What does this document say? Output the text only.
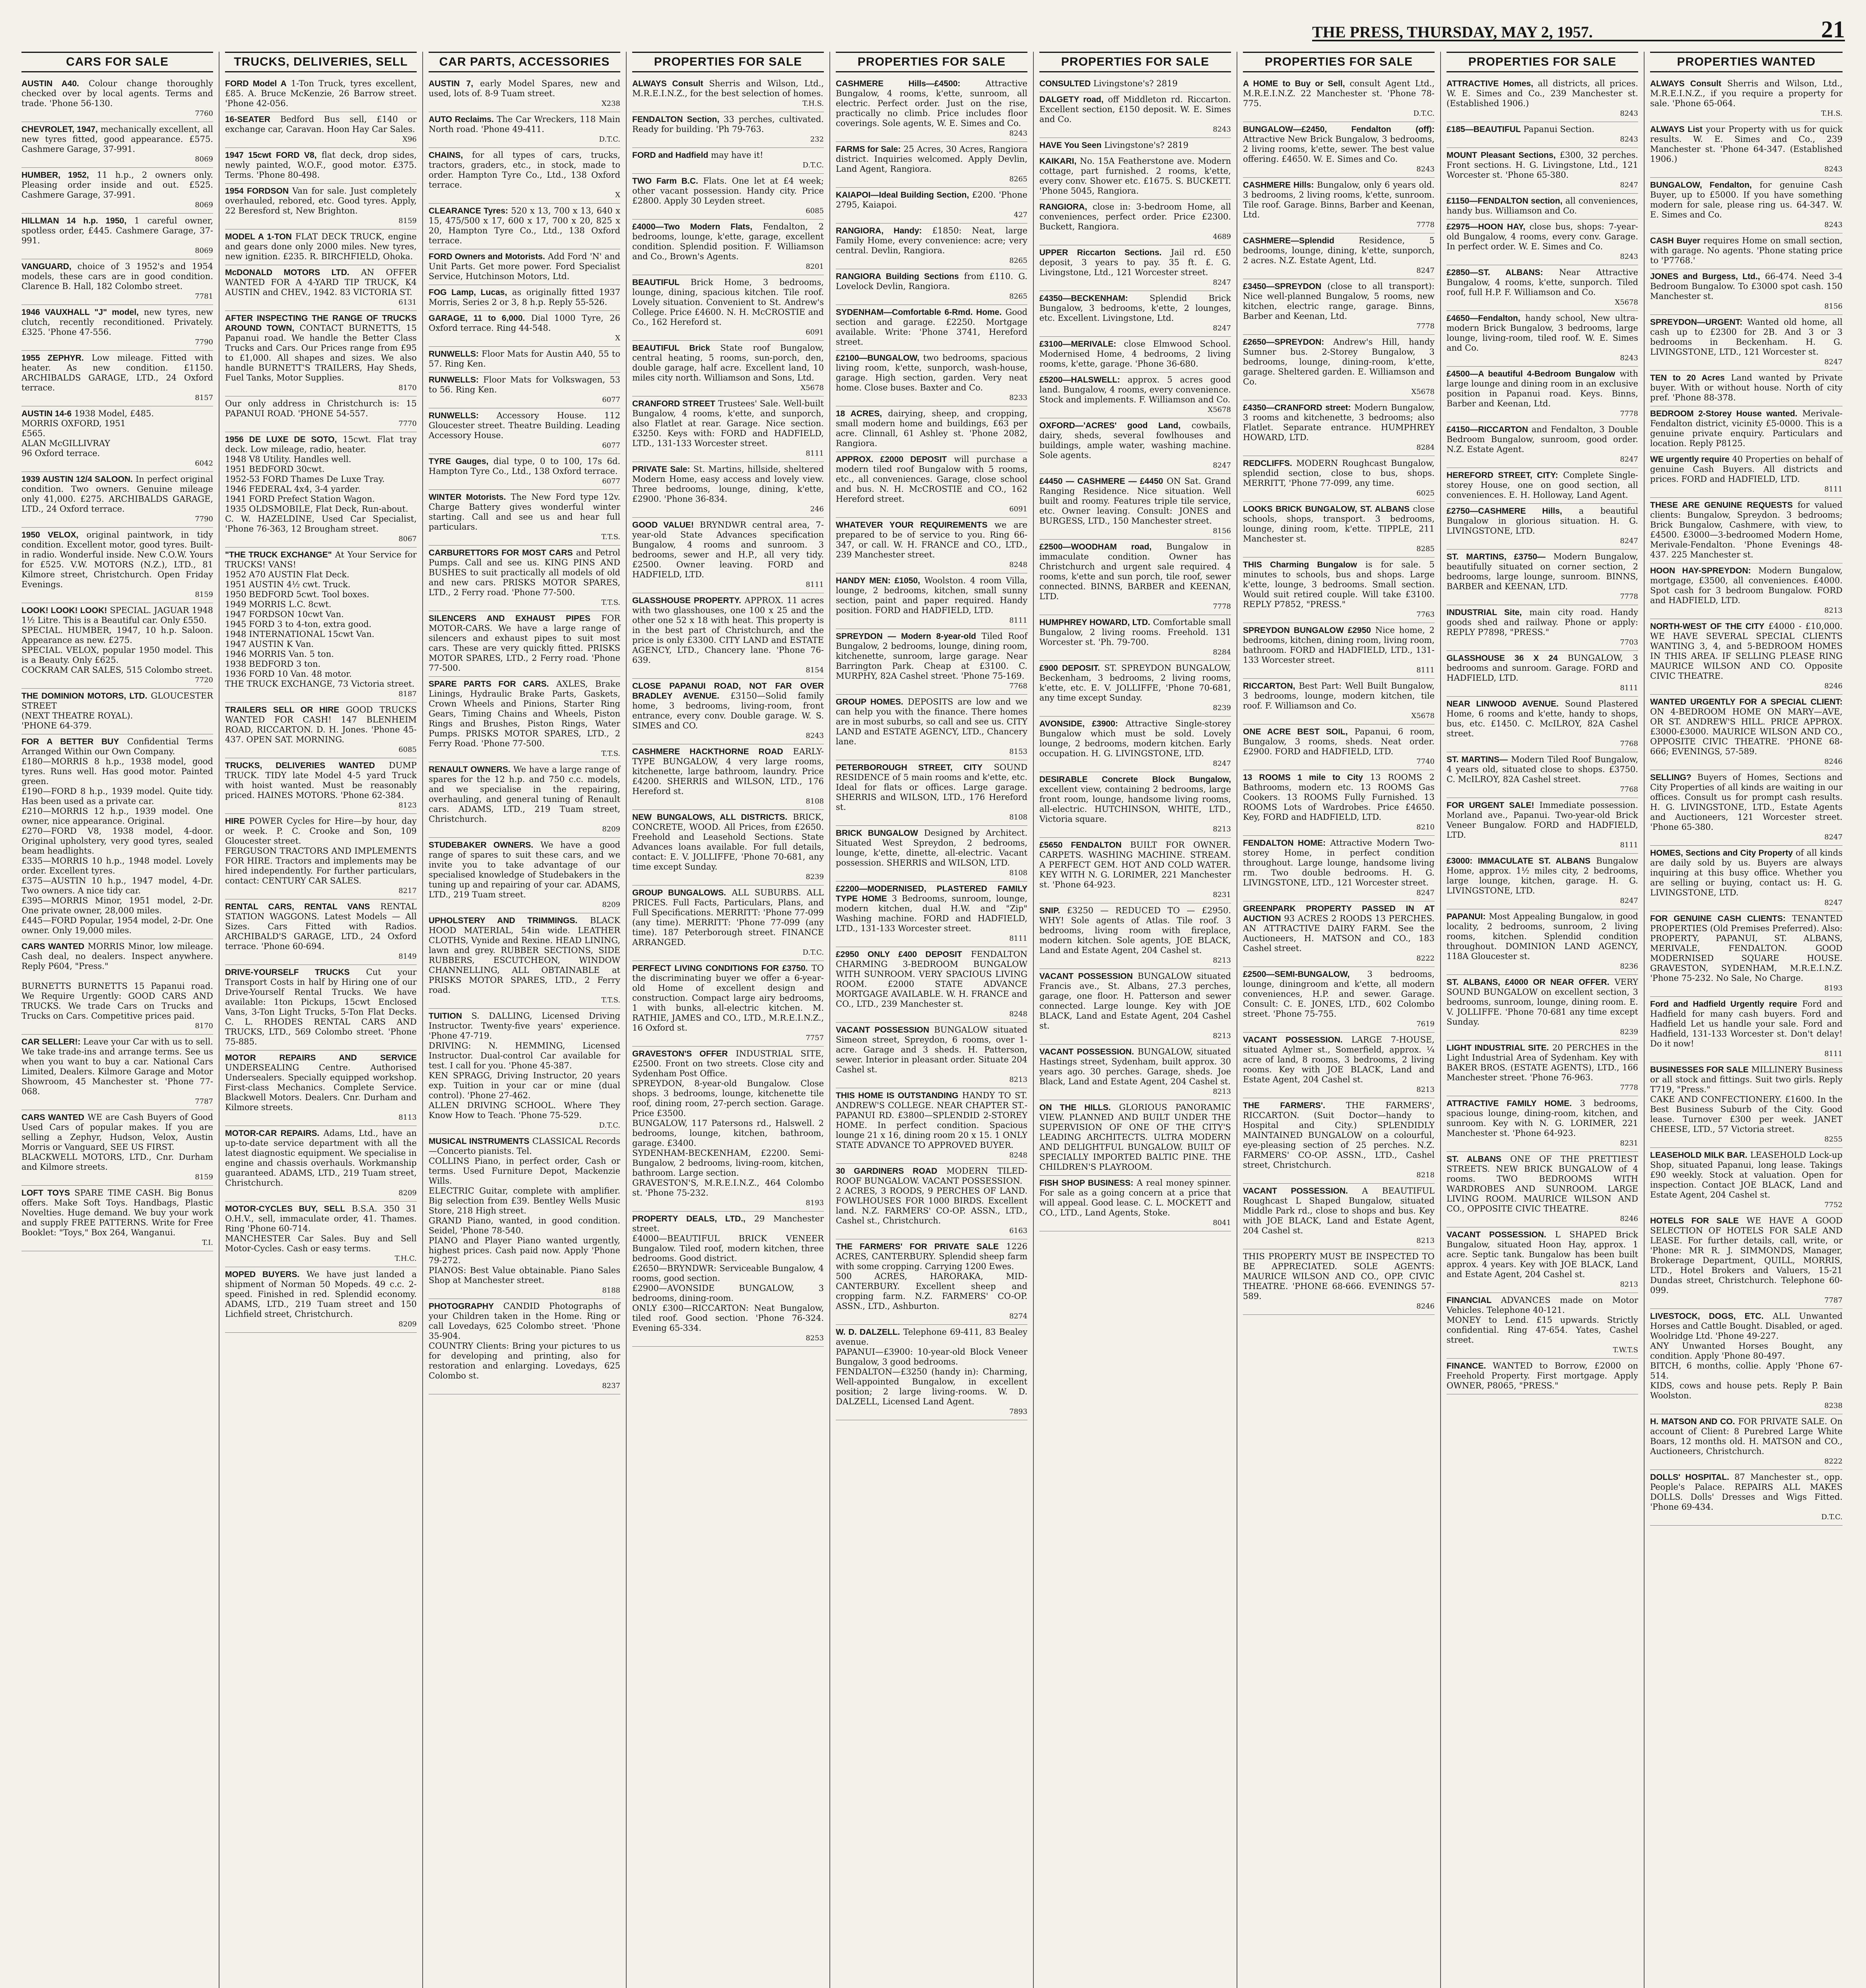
THE PRESS, THURSDAY, MAY 2, 1957.	21
CARS FOR SALE
AUSTIN A40. Colour change thoroughly checked over by local agents. Terms and trade. 'Phone 56-130.
7760
CHEVROLET, 1947, mechanically excellent, all new tyres fitted, good appearance. £575. Cashmere Garage, 37-991.
8069
HUMBER, 1952, 11 h.p., 2 owners only. Pleasing order inside and out. £525. Cashmere Garage, 37-991.
8069
HILLMAN 14 h.p. 1950, 1 careful owner, spotless order, £445. Cashmere Garage, 37-991.
8069
VANGUARD, choice of 3 1952's and 1954 models, these cars are in good condition. Clarence B. Hall, 182 Colombo street.
7781
1946 VAUXHALL "J" model, new tyres, new clutch, recently reconditioned. Privately. £325. 'Phone 47-556.
7790
1955 ZEPHYR. Low mileage. Fitted with heater. As new condition. £1150. ARCHIBALDS GARAGE, LTD., 24 Oxford terrace.
8157
AUSTIN 14-6 1938 Model, £485.
MORRIS OXFORD, 1951
£565.
ALAN McGILLIVRAY
96 Oxford terrace.
6042
1939 AUSTIN 12/4 SALOON. In perfect original condition. Two owners. Genuine mileage only 41,000. £275. ARCHIBALDS GARAGE, LTD., 24 Oxford terrace.
7790
1950 VELOX, original paintwork, in tidy condition. Excellent motor, good tyres. Built-in radio. Wonderful inside. New C.O.W. Yours for £525. V.W. MOTORS (N.Z.), LTD., 81 Kilmore street, Christchurch. Open Friday Evenings.
8159
LOOK! LOOK! LOOK! SPECIAL. JAGUAR 1948 1½ Litre. This is a Beautiful car. Only £550.
SPECIAL. HUMBER, 1947, 10 h.p. Saloon. Appearance as new. £275.
SPECIAL. VELOX, popular 1950 model. This is a Beauty. Only £625.
COCKRAM CAR SALES, 515 Colombo street.
7720
THE DOMINION MOTORS, LTD. GLOUCESTER STREET
(NEXT THEATRE ROYAL).
'PHONE 64-379.
FOR A BETTER BUY Confidential Terms Arranged Within our Own Company.
£180—MORRIS 8 h.p., 1938 model, good tyres. Runs well. Has good motor. Painted green.
£190—FORD 8 h.p., 1939 model. Quite tidy. Has been used as a private car.
£210—MORRIS 12 h.p., 1939 model. One owner, nice appearance. Original.
£270—FORD V8, 1938 model, 4-door. Original upholstery, very good tyres, sealed beam headlights.
£335—MORRIS 10 h.p., 1948 model. Lovely order. Excellent tyres.
£375—AUSTIN 10 h.p., 1947 model, 4-Dr. Two owners. A nice tidy car.
£395—MORRIS Minor, 1951 model, 2-Dr. One private owner, 28,000 miles.
£445—FORD Popular, 1954 model, 2-Dr. One owner. Only 19,000 miles.
CARS WANTED MORRIS Minor, low mileage. Cash deal, no dealers. Inspect anywhere. Reply P604, "Press."

BURNETTS BURNETTS 15 Papanui road. We Require Urgently: GOOD CARS AND TRUCKS. We trade Cars on Trucks and Trucks on Cars. Competitive prices paid.
8170
CAR SELLER!: Leave your Car with us to sell. We take trade-ins and arrange terms. See us when you want to buy a car. National Cars Limited, Dealers. Kilmore Garage and Motor Showroom, 45 Manchester st. 'Phone 77-068.
7787
CARS WANTED WE are Cash Buyers of Good Used Cars of popular makes. If you are selling a Zephyr, Hudson, Velox, Austin Morris or Vanguard, SEE US FIRST.
BLACKWELL MOTORS, LTD., Cnr. Durham and Kilmore streets.
8159
LOFT TOYS SPARE TIME CASH. Big Bonus offers. Make Soft Toys. Handbags, Plastic Novelties. Huge demand. We buy your work and supply FREE PATTERNS. Write for Free Booklet: "Toys," Box 264, Wanganui.
T.I.
TRUCKS, DELIVERIES, SELL
FORD Model A 1-Ton Truck, tyres excellent, £85. A. Bruce McKenzie, 26 Barrow street. 'Phone 42-056.
16-SEATER Bedford Bus sell, £140 or exchange car, Caravan. Hoon Hay Car Sales.
X96
1947 15cwt FORD V8, flat deck, drop sides, newly painted, W.O.F., good motor. £375. Terms. 'Phone 80-498.
1954 FORDSON Van for sale. Just completely overhauled, rebored, etc. Good tyres. Apply, 22 Beresford st, New Brighton.
8159
MODEL A 1-TON FLAT DECK TRUCK, engine and gears done only 2000 miles. New tyres, new ignition. £235. R. BIRCHFIELD, Ohoka.
McDONALD MOTORS LTD. AN OFFER WANTED FOR A 4-YARD TIP TRUCK, K4 AUSTIN and CHEV., 1942. 83 VICTORIA ST.
6131
AFTER INSPECTING THE RANGE OF TRUCKS AROUND TOWN, CONTACT BURNETTS, 15 Papanui road. We handle the Better Class Trucks and Cars. Our Prices range from £95 to £1,000. All shapes and sizes. We also handle BURNETT'S TRAILERS, Hay Sheds, Fuel Tanks, Motor Supplies.
8170
Our only address in Christchurch is: 15 PAPANUI ROAD. 'PHONE 54-557.
7770
1956 DE LUXE DE SOTO, 15cwt. Flat tray deck. Low mileage, radio, heater.
1948 V8 Utility. Handles well.
1951 BEDFORD 30cwt.
1952-53 FORD Thames De Luxe Tray.
1946 FEDERAL 4x4, 3-4 yarder.
1941 FORD Prefect Station Wagon.
1935 OLDSMOBILE, Flat Deck, Run-about.
C. W. HAZELDINE, Used Car Specialist, 'Phone 76-363, 12 Brougham street.
8067
"THE TRUCK EXCHANGE" At Your Service for TRUCKS! VANS!
1952 A70 AUSTIN Flat Deck.
1951 AUSTIN 4½ cwt. Truck.
1950 BEDFORD 5cwt. Tool boxes.
1949 MORRIS L.C. 8cwt.
1947 FORDSON 10cwt Van.
1945 FORD 3 to 4-ton, extra good.
1948 INTERNATIONAL 15cwt Van.
1947 AUSTIN K Van.
1946 MORRIS Van. 5 ton.
1938 BEDFORD 3 ton.
1936 FORD 10 Van. 48 motor.
THE TRUCK EXCHANGE, 73 Victoria street.
8187
TRAILERS SELL OR HIRE GOOD TRUCKS WANTED FOR CASH! 147 BLENHEIM ROAD, RICCARTON. D. H. Jones. 'Phone 45-437. OPEN SAT. MORNING.
6085
TRUCKS, DELIVERIES WANTED DUMP TRUCK. TIDY late Model 4-5 yard Truck with hoist wanted. Must be reasonably priced. HAINES MOTORS. 'Phone 62-384.
8123
HIRE POWER Cycles for Hire—by hour, day or week. P. C. Crooke and Son, 109 Gloucester street.
FERGUSON TRACTORS AND IMPLEMENTS FOR HIRE. Tractors and implements may be hired independently. For further particulars, contact: CENTURY CAR SALES.
8217
RENTAL CARS, RENTAL VANS RENTAL STATION WAGGONS. Latest Models — All Sizes. Cars Fitted with Radios. ARCHIBALD'S GARAGE, LTD., 24 Oxford terrace. 'Phone 60-694.
8149
DRIVE-YOURSELF TRUCKS Cut your Transport Costs in half by Hiring one of our Drive-Yourself Rental Trucks. We have available: 1ton Pickups, 15cwt Enclosed Vans, 3-Ton Light Trucks, 5-Ton Flat Decks. C. L. RHODES RENTAL CARS AND TRUCKS, LTD., 569 Colombo street. 'Phone 75-885.
MOTOR REPAIRS AND SERVICE UNDERSEALING Centre. Authorised Undersealers. Specially equipped workshop. First-class Mechanics. Complete Service. Blackwell Motors. Dealers. Cnr. Durham and Kilmore streets.
8113
MOTOR-CAR REPAIRS. Adams, Ltd., have an up-to-date service department with all the latest diagnostic equipment. We specialise in engine and chassis overhauls. Workmanship guaranteed. ADAMS, LTD., 219 Tuam street, Christchurch.
8209
MOTOR-CYCLES BUY, SELL B.S.A. 350 31 O.H.V., sell, immaculate order, 41. Thames. Ring 'Phone 60-714.
MANCHESTER Car Sales. Buy and Sell Motor-Cycles. Cash or easy terms.
T.H.C.
MOPED BUYERS. We have just landed a shipment of Norman 50 Mopeds. 49 c.c. 2-speed. Finished in red. Splendid economy. ADAMS, LTD., 219 Tuam street and 150 Lichfield street, Christchurch.
8209
CAR PARTS, ACCESSORIES
AUSTIN 7, early Model Spares, new and used, lots of. 8-9 Tuam street.
X238
AUTO Reclaims. The Car Wreckers, 118 Main North road. 'Phone 49-411.
D.T.C.
CHAINS, for all types of cars, trucks, tractors, graders, etc., in stock, made to order. Hampton Tyre Co., Ltd., 138 Oxford terrace.
X
CLEARANCE Tyres: 520 x 13, 700 x 13, 640 x 15, 475/500 x 17, 600 x 17, 700 x 20, 825 x 20, Hampton Tyre Co., Ltd., 138 Oxford terrace.
FORD Owners and Motorists. Add Ford 'N' and Unit Parts. Get more power. Ford Specialist Service, Hutchinson Motors, Ltd.
FOG Lamp, Lucas, as originally fitted 1937 Morris, Series 2 or 3, 8 h.p. Reply 55-526.
GARAGE, 11 to 6,000. Dial 1000 Tyre, 26 Oxford terrace. Ring 44-548.
X
RUNWELLS: Floor Mats for Austin A40, 55 to 57. Ring Ken.
RUNWELLS: Floor Mats for Volkswagen, 53 to 56. Ring Ken.
6077
RUNWELLS: Accessory House. 112 Gloucester street. Theatre Building. Leading Accessory House.
6077
TYRE Gauges, dial type, 0 to 100, 17s 6d. Hampton Tyre Co., Ltd., 138 Oxford terrace.
6077
WINTER Motorists. The New Ford type 12v. Charge Battery gives wonderful winter starting. Call and see us and hear full particulars.
T.T.S.
CARBURETTORS FOR MOST CARS and Petrol Pumps. Call and see us. KING PINS AND BUSHES to suit practically all models of old and new cars. PRISKS MOTOR SPARES, LTD., 2 Ferry road. 'Phone 77-500.
T.T.S.
SILENCERS AND EXHAUST PIPES FOR MOTOR-CARS. We have a large range of silencers and exhaust pipes to suit most cars. These are very quickly fitted. PRISKS MOTOR SPARES, LTD., 2 Ferry road. 'Phone 77-500.
SPARE PARTS FOR CARS. AXLES, Brake Linings, Hydraulic Brake Parts, Gaskets, Crown Wheels and Pinions, Starter Ring Gears, Timing Chains and Wheels, Piston Rings and Brushes, Piston Rings, Water Pumps. PRISKS MOTOR SPARES, LTD., 2 Ferry Road. 'Phone 77-500.
T.T.S.
RENAULT OWNERS. We have a large range of spares for the 12 h.p. and 750 c.c. models, and we specialise in the repairing, overhauling, and general tuning of Renault cars. ADAMS, LTD., 219 Tuam street, Christchurch.
8209
STUDEBAKER OWNERS. We have a good range of spares to suit these cars, and we invite you to take advantage of our specialised knowledge of Studebakers in the tuning up and repairing of your car. ADAMS, LTD., 219 Tuam street.
8209
UPHOLSTERY AND TRIMMINGS. BLACK HOOD MATERIAL, 54in wide. LEATHER CLOTHS, Vynide and Rexine. HEAD LINING, lawn and grey. RUBBER SECTIONS, SIDE RUBBERS, ESCUTCHEON, WINDOW CHANNELLING, ALL OBTAINABLE at PRISKS MOTOR SPARES, LTD., 2 Ferry road.
T.T.S.
TUITION S. DALLING, Licensed Driving Instructor. Twenty-five years' experience. 'Phone 47-719.
DRIVING: N. HEMMING, Licensed Instructor. Dual-control Car available for test. I call for you. 'Phone 45-387.
KEN SPRAGG, Driving Instructor, 20 years exp. Tuition in your car or mine (dual control). 'Phone 27-462.
ALLEN DRIVING SCHOOL. Where They Know How to Teach. 'Phone 75-529.
D.T.C.
MUSICAL INSTRUMENTS CLASSICAL Records—Concerto pianists. Tel.
COLLINS Piano, in perfect order, Cash or terms. Used Furniture Depot, Mackenzie Wills.
ELECTRIC Guitar, complete with amplifier. Big selection from £39. Bentley Wells Music Store, 218 High street.
GRAND Piano, wanted, in good condition. Seidel, 'Phone 78-540.
PIANO and Player Piano wanted urgently, highest prices. Cash paid now. Apply 'Phone 79-272.
PIANOS: Best Value obtainable. Piano Sales Shop at Manchester street.
8188
PHOTOGRAPHY CANDID Photographs of your Children taken in the Home. Ring or call Lovedays, 625 Colombo street. 'Phone 35-904.
COUNTRY Clients: Bring your pictures to us for developing and printing, also for restoration and enlarging. Lovedays, 625 Colombo st.
8237
PROPERTIES FOR SALE
ALWAYS Consult Sherris and Wilson, Ltd., M.R.E.I.N.Z., for the best selection of homes.
T.H.S.
FENDALTON Section, 33 perches, cultivated. Ready for building. 'Ph 79-763.
232
FORD and Hadfield may have it!
D.T.C.
TWO Farm B.C. Flats. One let at £4 week; other vacant possession. Handy city. Price £2800. Apply 30 Leyden street.
6085
£4000—Two Modern Flats, Fendalton, 2 bedrooms, lounge, k'ette, garage, excellent condition. Splendid position. F. Williamson and Co., Brown's Agents.
8201
BEAUTIFUL Brick Home, 3 bedrooms, lounge, dining, spacious kitchen. Tile roof. Lovely situation. Convenient to St. Andrew's College. Price £4600. N. H. McCROSTIE and Co., 162 Hereford st.
6091
BEAUTIFUL Brick State roof Bungalow, central heating, 5 rooms, sun-porch, den, double garage, half acre. Excellent land, 10 miles city north. Williamson and Sons, Ltd.
X5678
CRANFORD STREET Trustees' Sale. Well-built Bungalow, 4 rooms, k'ette, and sunporch, also Flatlet at rear. Garage. Nice section. £3250. Keys with: FORD and HADFIELD, LTD., 131-133 Worcester street.
8111
PRIVATE Sale: St. Martins, hillside, sheltered Modern Home, easy access and lovely view. Three bedrooms, lounge, dining, k'ette, £2900. 'Phone 36-834.
246
GOOD VALUE! BRYNDWR central area, 7-year-old State Advances specification Bungalow, 4 rooms and sunroom. 3 bedrooms, sewer and H.P., all very tidy. £2500. Owner leaving. FORD and HADFIELD, LTD.
8111
GLASSHOUSE PROPERTY. APPROX. 11 acres with two glasshouses, one 100 x 25 and the other one 52 x 18 with heat. This property is in the best part of Christchurch, and the price is only £3300. CITY LAND and ESTATE AGENCY, LTD., Chancery lane. 'Phone 76-639.
8154
CLOSE PAPANUI ROAD, NOT FAR OVER BRADLEY AVENUE. £3150—Solid family home, 3 bedrooms, living-room, front entrance, every conv. Double garage. W. S. SIMES and CO.
8243
CASHMERE HACKTHORNE ROAD EARLY-TYPE BUNGALOW, 4 very large rooms, kitchenette, large bathroom, laundry. Price £4200. SHERRIS and WILSON, LTD., 176 Hereford st.
8108
NEW BUNGALOWS, ALL DISTRICTS. BRICK, CONCRETE, WOOD. All Prices, from £2650. Freehold and Leasehold Sections. State Advances loans available. For full details, contact: E. V. JOLLIFFE, 'Phone 70-681, any time except Sunday.
8239
GROUP BUNGALOWS. ALL SUBURBS. ALL PRICES. Full Facts, Particulars, Plans, and Full Specifications. MERRITT: 'Phone 77-099 (any time). MERRITT: 'Phone 77-099 (any time). 187 Peterborough street. FINANCE ARRANGED.
D.T.C.
PERFECT LIVING CONDITIONS FOR £3750. TO the discriminating buyer we offer a 6-year-old Home of excellent design and construction. Compact large airy bedrooms, 1 with bunks, all-electric kitchen. M. RATHIE, JAMES and CO., LTD., M.R.E.I.N.Z., 16 Oxford st.
7757
GRAVESTON'S OFFER INDUSTRIAL SITE, £2500. Front on two streets. Close city and Sydenham Post Office.
SPREYDON, 8-year-old Bungalow. Close shops. 3 bedrooms, lounge, kitchenette tile roof, dining room, 27-perch section. Garage. Price £3500.
BUNGALOW, 117 Patersons rd., Halswell. 2 bedrooms, lounge, kitchen, bathroom, garage. £3400.
SYDENHAM-BECKENHAM, £2200. Semi-Bungalow, 2 bedrooms, living-room, kitchen, bathroom. Large section.
GRAVESTON'S, M.R.E.I.N.Z., 464 Colombo st. 'Phone 75-232.
8193
PROPERTY DEALS, LTD., 29 Manchester street.
£4000—BEAUTIFUL BRICK VENEER Bungalow. Tiled roof, modern kitchen, three bedrooms. Good district.
£2650—BRYNDWR: Serviceable Bungalow, 4 rooms, good section.
£2900—AVONSIDE BUNGALOW, 3 bedrooms, dining-room.
ONLY £300—RICCARTON: Neat Bungalow, tiled roof. Good section. 'Phone 76-324. Evening 65-334.
8253
PROPERTIES FOR SALE
CASHMERE Hills—£4500:	Attractive Bungalow, 4 rooms, k'ette, sunroom, all electric. Perfect order. Just on the rise, practically no climb. Price includes floor coverings. Sole agents, W. E. Simes and Co.
8243
FARMS for Sale: 25 Acres, 30 Acres, Rangiora district. Inquiries welcomed. Apply Devlin, Land Agent, Rangiora.
8265
KAIAPOI—Ideal Building Section, £200. 'Phone 2795, Kaiapoi.
427
RANGIORA, Handy: £1850: Neat, large Family Home, every convenience: acre; very central. Devlin, Rangiora.
8265
RANGIORA Building Sections from £110. G. Lovelock Devlin, Rangiora.
8265
SYDENHAM—Comfortable 6-Rmd. Home. Good section and garage. £2250. Mortgage available. Write: 'Phone 3741, Hereford street.
£2100—BUNGALOW, two bedrooms, spacious living room, k'ette, sunporch, wash-house, garage. High section, garden. Very neat home. Close buses. Baxter and Co.
8233
18 ACRES, dairying, sheep, and cropping, small modern home and buildings, £63 per acre. Clinnall, 61 Ashley st. 'Phone 2082, Rangiora.
APPROX. £2000 DEPOSIT will purchase a modern tiled roof Bungalow with 5 rooms, etc., all conveniences. Garage, close school and bus. N. H. McCROSTIE and CO., 162 Hereford street.
6091
WHATEVER YOUR REQUIREMENTS we are prepared to be of service to you. Ring 66-347, or call. W. H. FRANCE and CO., LTD., 239 Manchester street.
8248
HANDY MEN: £1050, Woolston. 4 room Villa, lounge, 2 bedrooms, kitchen, small sunny section, paint and paper required. Handy position. FORD and HADFIELD, LTD.
8111
SPREYDON — Modern 8-year-old Tiled Roof Bungalow, 2 bedrooms, lounge, dining room, kitchenette, sunroom, large garage. Near Barrington Park. Cheap at £3100. C. MURPHY, 82A Cashel street. 'Phone 75-169.
7768
GROUP HOMES. DEPOSITS are low and we can help you with the finance. There homes are in most suburbs, so call and see us. CITY LAND and ESTATE AGENCY, LTD., Chancery lane.
8153
PETERBOROUGH STREET, CITY SOUND RESIDENCE of 5 main rooms and k'ette, etc. Ideal for flats or offices. Large garage. SHERRIS and WILSON, LTD., 176 Hereford st.
8108
BRICK BUNGALOW Designed by Architect. Situated West Spreydon, 2 bedrooms, lounge, k'ette, dinette, all-electric. Vacant possession. SHERRIS and WILSON, LTD.
8108
£2200—MODERNISED, PLASTERED FAMILY TYPE HOME 3 Bedrooms, sunroom, lounge, modern kitchen, dual H.W. and "Zip" Washing machine. FORD and HADFIELD, LTD., 131-133 Worcester street.
8111
£2950 ONLY £400 DEPOSIT FENDALTON CHARMING 3-BEDROOM BUNGALOW WITH SUNROOM. VERY SPACIOUS LIVING ROOM. £2000 STATE ADVANCE MORTGAGE AVAILABLE. W. H. FRANCE and CO., LTD., 239 Manchester st.
8248
VACANT POSSESSION BUNGALOW situated Simeon street, Spreydon, 6 rooms, over 1-acre. Garage and 3 sheds. H. Patterson, sewer. Interior in pleasant order. Situate 204 Cashel st.
8213
THIS HOME IS OUTSTANDING HANDY TO ST. ANDREW'S COLLEGE. NEAR CHAPTER ST.-PAPANUI RD. £3800—SPLENDID 2-STOREY HOME. In perfect condition. Spacious lounge 21 x 16, dining room 20 x 15. 1 ONLY STATE ADVANCE TO APPROVED BUYER.
8248
30 GARDINERS ROAD MODERN TILED-ROOF BUNGALOW. VACANT POSSESSION.
2 ACRES, 3 ROODS, 9 PERCHES OF LAND. FOWLHOUSES FOR 1000 BIRDS. Excellent land. N.Z. FARMERS' CO-OP. ASSN., LTD., Cashel st., Christchurch.
6163
THE FARMERS' FOR PRIVATE SALE 1226 ACRES, CANTERBURY. Splendid sheep farm with some cropping. Carrying 1200 Ewes.
500 ACRES, HARORAKA, MID-CANTERBURY. Excellent sheep and cropping farm. N.Z. FARMERS' CO-OP. ASSN., LTD., Ashburton.
8274
W. D. DALZELL. Telephone 69-411, 83 Bealey avenue.
PAPANUI—£3900: 10-year-old Block Veneer Bungalow, 3 good bedrooms.
FENDALTON—£3250 (handy in): Charming, Well-appointed Bungalow, in excellent position; 2 large living-rooms. W. D. DALZELL, Licensed Land Agent.
7893
PROPERTIES FOR SALE
CONSULTED Livingstone's? 2819
DALGETY road, off Middleton rd. Riccarton. Excellent section, £150 deposit. W. E. Simes and Co.
8243
HAVE You Seen Livingstone's? 2819
KAIKARI, No. 15A Featherstone ave. Modern cottage, part furnished. 2 rooms, k'ette, every conv. Shower etc. £1675. S. BUCKETT. 'Phone 5045, Rangiora.
RANGIORA, close in: 3-bedroom Home, all conveniences, perfect order. Price £2300. Buckett, Rangiora.
4689
UPPER Riccarton Sections. Jail rd. £50 deposit, 3 years to pay. 35 ft. £. G. Livingstone, Ltd., 121 Worcester street.
8247
£4350—BECKENHAM:	Splendid Brick Bungalow, 3 bedrooms, k'ette, 2 lounges, etc. Excellent. Livingstone, Ltd.
8247
£3100—MERIVALE: close Elmwood School. Modernised Home, 4 bedrooms, 2 living rooms, k'ette, garage. 'Phone 36-680.
£5200—HALSWELL: approx. 5 acres good land. Bungalow, 4 rooms, every convenience. Stock and implements. F. Williamson and Co.
X5678
OXFORD—'ACRES' good Land, cowbails, dairy, sheds, several fowlhouses and buildings, ample water, washing machine. Sole agents.
8247
£4450 — CASHMERE — £4450 ON Sat. Grand Ranging Residence. Nice situation. Well built and roomy. Features triple tile service, etc. Owner leaving. Consult: JONES and BURGESS, LTD., 150 Manchester street.
8156
£2500—WOODHAM road, Bungalow in immaculate condition. Owner has Christchurch and urgent sale required. 4 rooms, k'ette and sun porch, tile roof, sewer connected. BINNS, BARBER and KEENAN, LTD.
7778
HUMPHREY HOWARD, LTD. Comfortable small Bungalow, 2 living rooms. Freehold. 131 Worcester st. 'Ph. 79-700.
8284
£900 DEPOSIT. ST. SPREYDON BUNGALOW, Beckenham, 3 bedrooms, 2 living rooms, k'ette, etc. E. V. JOLLIFFE, 'Phone 70-681, any time except Sunday.
8239
AVONSIDE, £3900: Attractive Single-storey Bungalow which must be sold. Lovely lounge, 2 bedrooms, modern kitchen. Early occupation. H. G. LIVINGSTONE, LTD.
8247
DESIRABLE Concrete Block Bungalow, excellent view, containing 2 bedrooms, large front room, lounge, handsome living rooms, all-electric. HUTCHINSON, WHITE, LTD., Victoria square.
8213
£5650 FENDALTON BUILT FOR OWNER. CARPETS. WASHING MACHINE. STREAM. A PERFECT GEM. HOT AND COLD WATER. KEY WITH N. G. LORIMER, 221 Manchester st. 'Phone 64-923.
8231
SNIP. £3250 — REDUCED TO — £2950. WHY! Sole agents of Atlas. Tile roof. 3 bedrooms, living room with fireplace, modern kitchen. Sole agents, JOE BLACK, Land and Estate Agent, 204 Cashel st.
8213
VACANT POSSESSION BUNGALOW situated Francis ave., St. Albans, 27.3 perches, garage, one floor. H. Patterson and sewer connected. Large lounge. Key with JOE BLACK, Land and Estate Agent, 204 Cashel st.
8213
VACANT POSSESSION. BUNGALOW, situated Hastings street, Sydenham, built approx. 30 years ago. 30 perches. Garage, sheds. Joe Black, Land and Estate Agent, 204 Cashel st.
8213
ON THE HILLS. GLORIOUS PANORAMIC VIEW. PLANNED AND BUILT UNDER THE SUPERVISION OF ONE OF THE CITY'S LEADING ARCHITECTS. ULTRA MODERN AND DELIGHTFUL BUNGALOW. BUILT OF SPECIALLY IMPORTED BALTIC PINE. THE CHILDREN'S PLAYROOM.
FISH SHOP BUSINESS: A real money spinner. For sale as a going concern at a price that will appeal. Good lease. C. L. MOCKETT and CO., LTD., Land Agents, Stoke.
8041
PROPERTIES FOR SALE
A HOME to Buy or Sell, consult Agent Ltd., M.R.E.I.N.Z. 22 Manchester st. 'Phone 78-775.
D.T.C.
BUNGALOW—£2450, Fendalton (off): Attractive New Brick Bungalow, 3 bedrooms, 2 living rooms, k'ette, sewer. The best value offering. £4650. W. E. Simes and Co.
8243
CASHMERE Hills: Bungalow, only 6 years old. 3 bedrooms, 2 living rooms, k'ette, sunroom. Tile roof. Garage. Binns, Barber and Keenan, Ltd.
7778
CASHMERE—Splendid	Residence, 5 bedrooms, lounge, dining, k'ette, sunporch, 2 acres. N.Z. Estate Agent, Ltd.
8247
£3450—SPREYDON (close to all transport): Nice well-planned Bungalow, 5 rooms, new kitchen, electric range, garage. Binns, Barber and Keenan, Ltd.
7778
£2650—SPREYDON: Andrew's Hill, handy Sumner bus. 2-Storey Bungalow, 3 bedrooms, lounge, dining-room, k'ette, garage. Sheltered garden. E. Williamson and Co.
X5678
£4350—CRANFORD street: Modern Bungalow, 3 rooms and kitchenette, 3 bedrooms; also Flatlet. Separate entrance. HUMPHREY HOWARD, LTD.
8284
REDCLIFFS. MODERN Roughcast Bungalow, splendid section, close to bus, shops. MERRITT, 'Phone 77-099, any time.
6025
LOOKS BRICK BUNGALOW, ST. ALBANS close schools, shops, transport. 3 bedrooms, lounge, dining room, k'ette. TIPPLE, 211 Manchester st.
8285
THIS Charming Bungalow is for sale. 5 minutes to schools, bus and shops. Large k'ette, lounge, 3 bedrooms. Small section. Would suit retired couple. Will take £3100. REPLY P7852, "PRESS."
7763
SPREYDON BUNGALOW £2950 Nice home, 2 bedrooms, kitchen, dining room, living room, bathroom. FORD and HADFIELD, LTD., 131-133 Worcester street.
8111
RICCARTON, Best Part: Well Built Bungalow, 3 bedrooms, lounge, modern kitchen, tile roof. F. Williamson and Co.
X5678
ONE ACRE BEST SOIL, Papanui, 6 room, Bungalow, 3 rooms, sheds. Neat order. £2900. FORD and HADFIELD, LTD.
7740
13 ROOMS 1 mile to City 13 ROOMS 2 Bathrooms, modern etc. 13 ROOMS Gas Cookers. 13 ROOMS Fully Furnished. 13 ROOMS Lots of Wardrobes. Price £4650. Key, FORD and HADFIELD, LTD.
8210
FENDALTON HOME: Attractive Modern Two-storey Home, in perfect condition throughout. Large lounge, handsome living rm. Two double bedrooms. H. G. LIVINGSTONE, LTD., 121 Worcester street.
8247
GREENPARK PROPERTY PASSED IN AT AUCTION 93 ACRES 2 ROODS 13 PERCHES. AN ATTRACTIVE DAIRY FARM. See the Auctioneers, H. MATSON and CO., 183 Cashel street.
8222
£2500—SEMI-BUNGALOW, 3 bedrooms, lounge, diningroom and k'ette, all modern conveniences, H.P. and sewer. Garage. Consult: C. E. JONES, LTD., 602 Colombo street. 'Phone 75-755.
7619
VACANT POSSESSION. LARGE 7-HOUSE, situated Aylmer st., Somerfield, approx. ¼ acre of land, 8 rooms, 3 bedrooms, 2 living rooms. Key with JOE BLACK, Land and Estate Agent, 204 Cashel st.
8213
THE FARMERS'. THE FARMERS', RICCARTON. (Suit Doctor—handy to Hospital and City.) SPLENDIDLY MAINTAINED BUNGALOW on a colourful, eye-pleasing section of 25 perches. N.Z. FARMERS' CO-OP. ASSN., LTD., Cashel street, Christchurch.
8218
VACANT POSSESSION. A BEAUTIFUL Roughcast L Shaped Bungalow, situated Middle Park rd., close to shops and bus. Key with JOE BLACK, Land and Estate Agent, 204 Cashel st.
8213
THIS PROPERTY MUST BE INSPECTED TO BE APPRECIATED. SOLE AGENTS: MAURICE WILSON AND CO., OPP. CIVIC THEATRE. 'PHONE 68-666. EVENINGS 57-589.
8246
PROPERTIES FOR SALE
ATTRACTIVE Homes, all districts, all prices. W. E. Simes and Co., 239 Manchester st. (Established 1906.)
8243
£185—BEAUTIFUL Papanui Section.
8243
MOUNT Pleasant Sections, £300, 32 perches. Front sections. H. G. Livingstone, Ltd., 121 Worcester st. 'Phone 65-380.
8247
£1150—FENDALTON section, all conveniences, handy bus. Williamson and Co.
£2975—HOON HAY, close bus, shops: 7-year-old Bungalow, 4 rooms, every conv. Garage. In perfect order. W. E. Simes and Co.
8243
£2850—ST. ALBANS: Near Attractive Bungalow, 4 rooms, k'ette, sunporch. Tiled roof, full H.P. F. Williamson and Co.
X5678
£4650—Fendalton, handy school, New ultra-modern Brick Bungalow, 3 bedrooms, large lounge, living-room, tiled roof. W. E. Simes and Co.
8243
£4500—A beautiful 4-Bedroom Bungalow with large lounge and dining room in an exclusive position in Papanui road. Keys. Binns, Barber and Keenan, Ltd.
7778
£4150—RICCARTON and Fendalton, 3 Double Bedroom Bungalow, sunroom, good order. N.Z. Estate Agent.
8247
HEREFORD STREET, CITY: Complete Single-storey House, one on good section, all conveniences. E. H. Holloway, Land Agent.
£2750—CASHMERE Hills, a beautiful Bungalow in glorious situation. H. G. LIVINGSTONE, LTD.
8247
ST. MARTINS, £3750— Modern Bungalow, beautifully situated on corner section, 2 bedrooms, large lounge, sunroom. BINNS, BARBER and KEENAN, LTD.
7778
INDUSTRIAL Site, main city road. Handy goods shed and railway. Phone or apply: REPLY P7898, "PRESS."
7703
GLASSHOUSE 36 X 24 BUNGALOW, 3 bedrooms and sunroom. Garage. FORD and HADFIELD, LTD.
8111
NEAR LINWOOD AVENUE. Sound Plastered Home, 6 rooms and k'ette, handy to shops, bus, etc. £1450. C. McILROY, 82A Cashel street.
7768
ST. MARTINS— Modern Tiled Roof Bungalow, 4 years old, situated close to shops. £3750. C. McILROY, 82A Cashel street.
7768
FOR URGENT SALE! Immediate possession. Morland ave., Papanui. Two-year-old Brick Veneer Bungalow. FORD and HADFIELD, LTD.
8111
£3000: IMMACULATE ST. ALBANS Bungalow Home, approx. 1½ miles city, 2 bedrooms, large lounge, kitchen, garage. H. G. LIVINGSTONE, LTD.
8247
PAPANUI: Most Appealing Bungalow, in good locality, 2 bedrooms, sunroom, 2 living rooms, kitchen. Splendid condition throughout. DOMINION LAND AGENCY, 118A Gloucester st.
8236
ST. ALBANS, £4000 OR NEAR OFFER. VERY SOUND BUNGALOW on excellent section, 3 bedrooms, sunroom, lounge, dining room. E. V. JOLLIFFE. 'Phone 70-681 any time except Sunday.
8239
LIGHT INDUSTRIAL SITE. 20 PERCHES in the Light Industrial Area of Sydenham. Key with BAKER BROS. (ESTATE AGENTS), LTD., 166 Manchester street. 'Phone 76-963.
7778
ATTRACTIVE FAMILY HOME. 3 bedrooms, spacious lounge, dining-room, kitchen, and sunroom. Key with N. G. LORIMER, 221 Manchester st. 'Phone 64-923.
8231
ST. ALBANS ONE OF THE PRETTIEST STREETS. NEW BRICK BUNGALOW of 4 rooms. TWO BEDROOMS WITH WARDROBES AND SUNROOM. LARGE LIVING ROOM. MAURICE WILSON AND CO., OPPOSITE CIVIC THEATRE.
8246
VACANT POSSESSION. L SHAPED Brick Bungalow, situated Hoon Hay, approx. 1 acre. Septic tank. Bungalow has been built approx. 4 years. Key with JOE BLACK, Land and Estate Agent, 204 Cashel st.
8213
FINANCIAL ADVANCES made on Motor Vehicles. Telephone 40-121.
MONEY to Lend. £15 upwards. Strictly confidential. Ring 47-654. Yates, Cashel street.
T.W.T.S
FINANCE. WANTED to Borrow, £2000 on Freehold Property. First mortgage. Apply OWNER, P8065, "PRESS."
PROPERTIES WANTED
ALWAYS Consult Sherris and Wilson, Ltd., M.R.E.I.N.Z., if you require a property for sale. 'Phone 65-064.
T.H.S.
ALWAYS List your Property with us for quick results. W. E. Simes and Co., 239 Manchester st. 'Phone 64-347. (Established 1906.)
8243
BUNGALOW, Fendalton, for genuine Cash Buyer, up to £5000. If you have something modern for sale, please ring us. 64-347. W. E. Simes and Co.
8243
CASH Buyer requires Home on small section, with garage. No agents. 'Phone stating price to 'P7768.'
JONES and Burgess, Ltd., 66-474. Need 3-4 Bedroom Bungalow. To £3000 spot cash. 150 Manchester st.
8156
SPREYDON—URGENT: Wanted old home, all cash up to £2300 for 2B. And 3 or 3 bedrooms in Beckenham. H. G. LIVINGSTONE, LTD., 121 Worcester st.
8247
TEN to 20 Acres Land wanted by Private buyer. With or without house. North of city pref. 'Phone 88-378.
BEDROOM 2-Storey House wanted. Merivale-Fendalton district, vicinity £5-0000. This is a genuine private enquiry. Particulars and location. Reply P8125.
WE urgently require 40 Properties on behalf of genuine Cash Buyers. All districts and prices. FORD and HADFIELD, LTD.
8111
THESE ARE GENUINE REQUESTS for valued clients: Bungalow, Spreydon. 3 bedrooms; Brick Bungalow, Cashmere, with view, to £4500. £3000—3-bedroomed Modern Home, Merivale-Fendalton. 'Phone Evenings 48-437. 225 Manchester st.
HOON HAY-SPREYDON: Modern Bungalow, mortgage, £3500, all conveniences. £4000. Spot cash for 3 bedroom Bungalow. FORD and HADFIELD, LTD.
8213
NORTH-WEST OF THE CITY £4000 - £10,000. WE HAVE SEVERAL SPECIAL CLIENTS WANTING 3, 4, and 5-BEDROOM HOMES IN THIS AREA. IF SELLING PLEASE RING MAURICE WILSON AND CO. Opposite CIVIC THEATRE.
8246
WANTED URGENTLY FOR A SPECIAL CLIENT: ON 4-BEDROOM HOME ON MARY—AVE, OR ST. ANDREW'S HILL. PRICE APPROX. £3000-£3000. MAURICE WILSON AND CO., OPPOSITE CIVIC THEATRE. 'PHONE 68-666; EVENINGS, 57-589.
8246
SELLING? Buyers of Homes, Sections and City Properties of all kinds are waiting in our offices. Consult us for prompt cash results. H. G. LIVINGSTONE, LTD., Estate Agents and Auctioneers, 121 Worcester street. 'Phone 65-380.
8247
HOMES, Sections and City Property of all kinds are daily sold by us. Buyers are always inquiring at this busy office. Whether you are selling or buying, contact us: H. G. LIVINGSTONE, LTD.
8247
FOR GENUINE CASH CLIENTS: TENANTED PROPERTIES (Old Premises Preferred). Also: PROPERTY, PAPANUI, ST. ALBANS, MERIVALE, FENDALTON. GOOD MODERNISED SQUARE HOUSE. GRAVESTON, SYDENHAM, M.R.E.I.N.Z. 'Phone 75-232. No Sale, No Charge.
8193
Ford and Hadfield Urgently require Ford and Hadfield for many cash buyers. Ford and Hadfield Let us handle your sale. Ford and Hadfield, 131-133 Worcester st. Don't delay! Do it now!
8111
BUSINESSES FOR SALE MILLINERY Business or all stock and fittings. Suit two girls. Reply T719, "Press."
CAKE AND CONFECTIONERY. £1600. In the Best Business Suburb of the City. Good lease. Turnover £300 per week. JANET CHEESE, LTD., 57 Victoria street.
8255
LEASEHOLD MILK BAR. LEASEHOLD Lock-up Shop, situated Papanui, long lease. Takings £90 weekly. Stock at valuation. Open for inspection. Contact JOE BLACK, Land and Estate Agent, 204 Cashel st.
7752
HOTELS FOR SALE WE HAVE A GOOD SELECTION OF HOTELS FOR SALE AND LEASE. For further details, call, write, or 'Phone: MR R. J. SIMMONDS, Manager, Brokerage Department, QUILL, MORRIS, LTD., Hotel Brokers and Valuers, 15-21 Dundas street, Christchurch. Telephone 60-099.
7787
LIVESTOCK, DOGS, ETC. ALL Unwanted Horses and Cattle Bought. Disabled, or aged. Woolridge Ltd. 'Phone 49-227.
ANY Unwanted Horses Bought, any condition. Apply 'Phone 80-497.
BITCH, 6 months, collie. Apply 'Phone 67-514.
KIDS, cows and house pets. Reply P. Bain Woolston.
8238
H. MATSON AND CO. FOR PRIVATE SALE. On account of Client: 8 Purebred Large White Boars, 12 months old. H. MATSON and CO., Auctioneers, Christchurch.
8222
DOLLS' HOSPITAL. 87 Manchester st., opp. People's Palace. REPAIRS ALL MAKES DOLLS. Dolls' Dresses and Wigs Fitted. 'Phone 69-434.
D.T.C.
